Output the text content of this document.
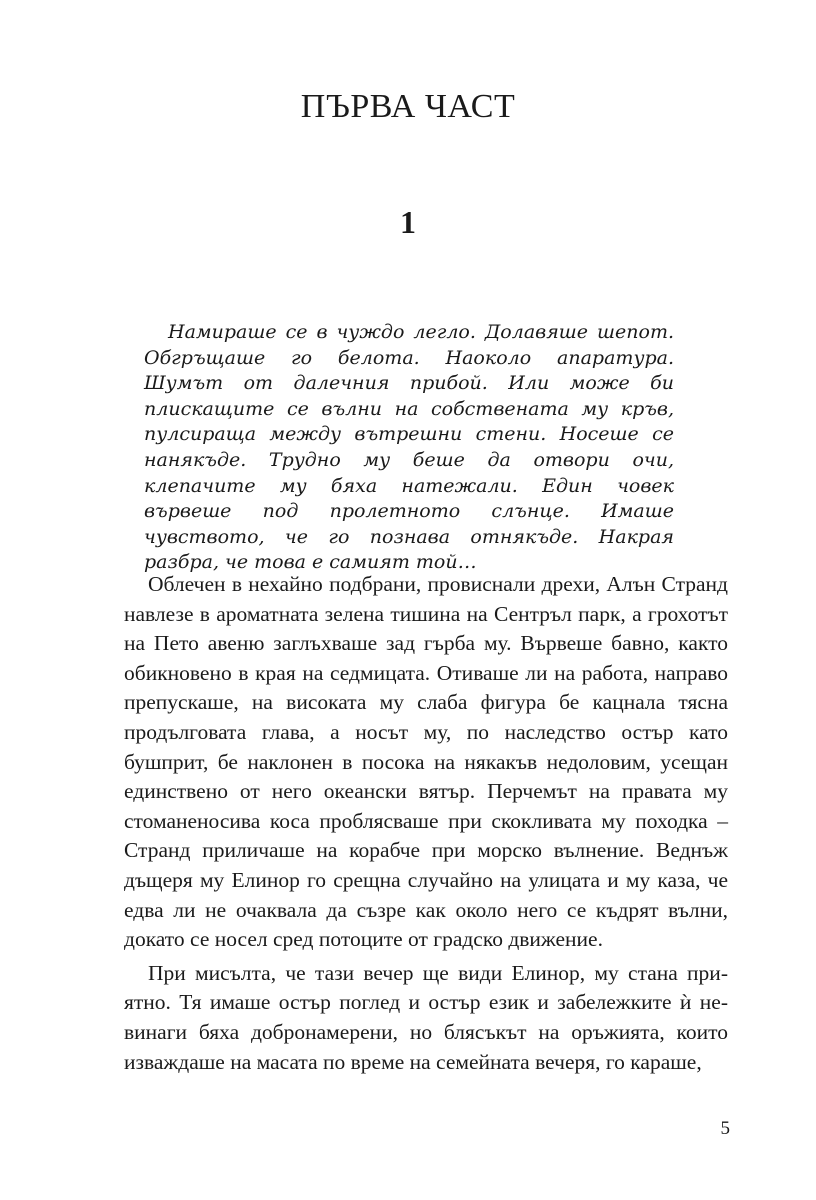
ПЪРВА ЧАСТ
1

Намираше се в чуждо легло. Долавяше шепот. Обгръщаше го белота. Наоколо апаратура. Шумът от далечния прибой. Или може би плискащите се вълни на собствената му кръв, пулсираща между вътрешни стени. Носеше се нанякъде. Трудно му беше да отвори очи, клепачите му бяха натежали. Един човек вървеше под пролетното слънце. Имаше чувството, че го познава отнякъде. Накрая разбра, че това е самият той…

Облечен в нехайно подбрани, провиснали дрехи, Алън Странд навлезе в ароматната зелена тишина на Сентръл парк, а грохотът на Пето авеню заглъхваше зад гърба му. Вървеше бавно, както обикновено в края на седмицата. Отиваше ли на работа, направо препускаше, на високата му слаба фигура бе кацнала тясна продълговата глава, а носът му, по наследство остър като бушприт, бе наклонен в посока на някакъв недоловим, усещан единствено от него океански вятър. Перчемът на правата му стоманеносива коса проблясваше при скокливата му походка – Странд приличаше на корабче при морско вълнение. Веднъж дъщеря му Елинор го срещна случайно на улицата и му каза, че едва ли не очаквала да съзре как около него се къдрят вълни, докато се носел сред потоците от градско движение.

При мисълта, че тази вечер ще види Елинор, му стана приятно. Тя имаше остър поглед и остър език и забележките ѝ невинаги бяха добронамерени, но блясъкът на оръжията, които изваждаше на масата по време на семейната вечеря, го караше,

5
